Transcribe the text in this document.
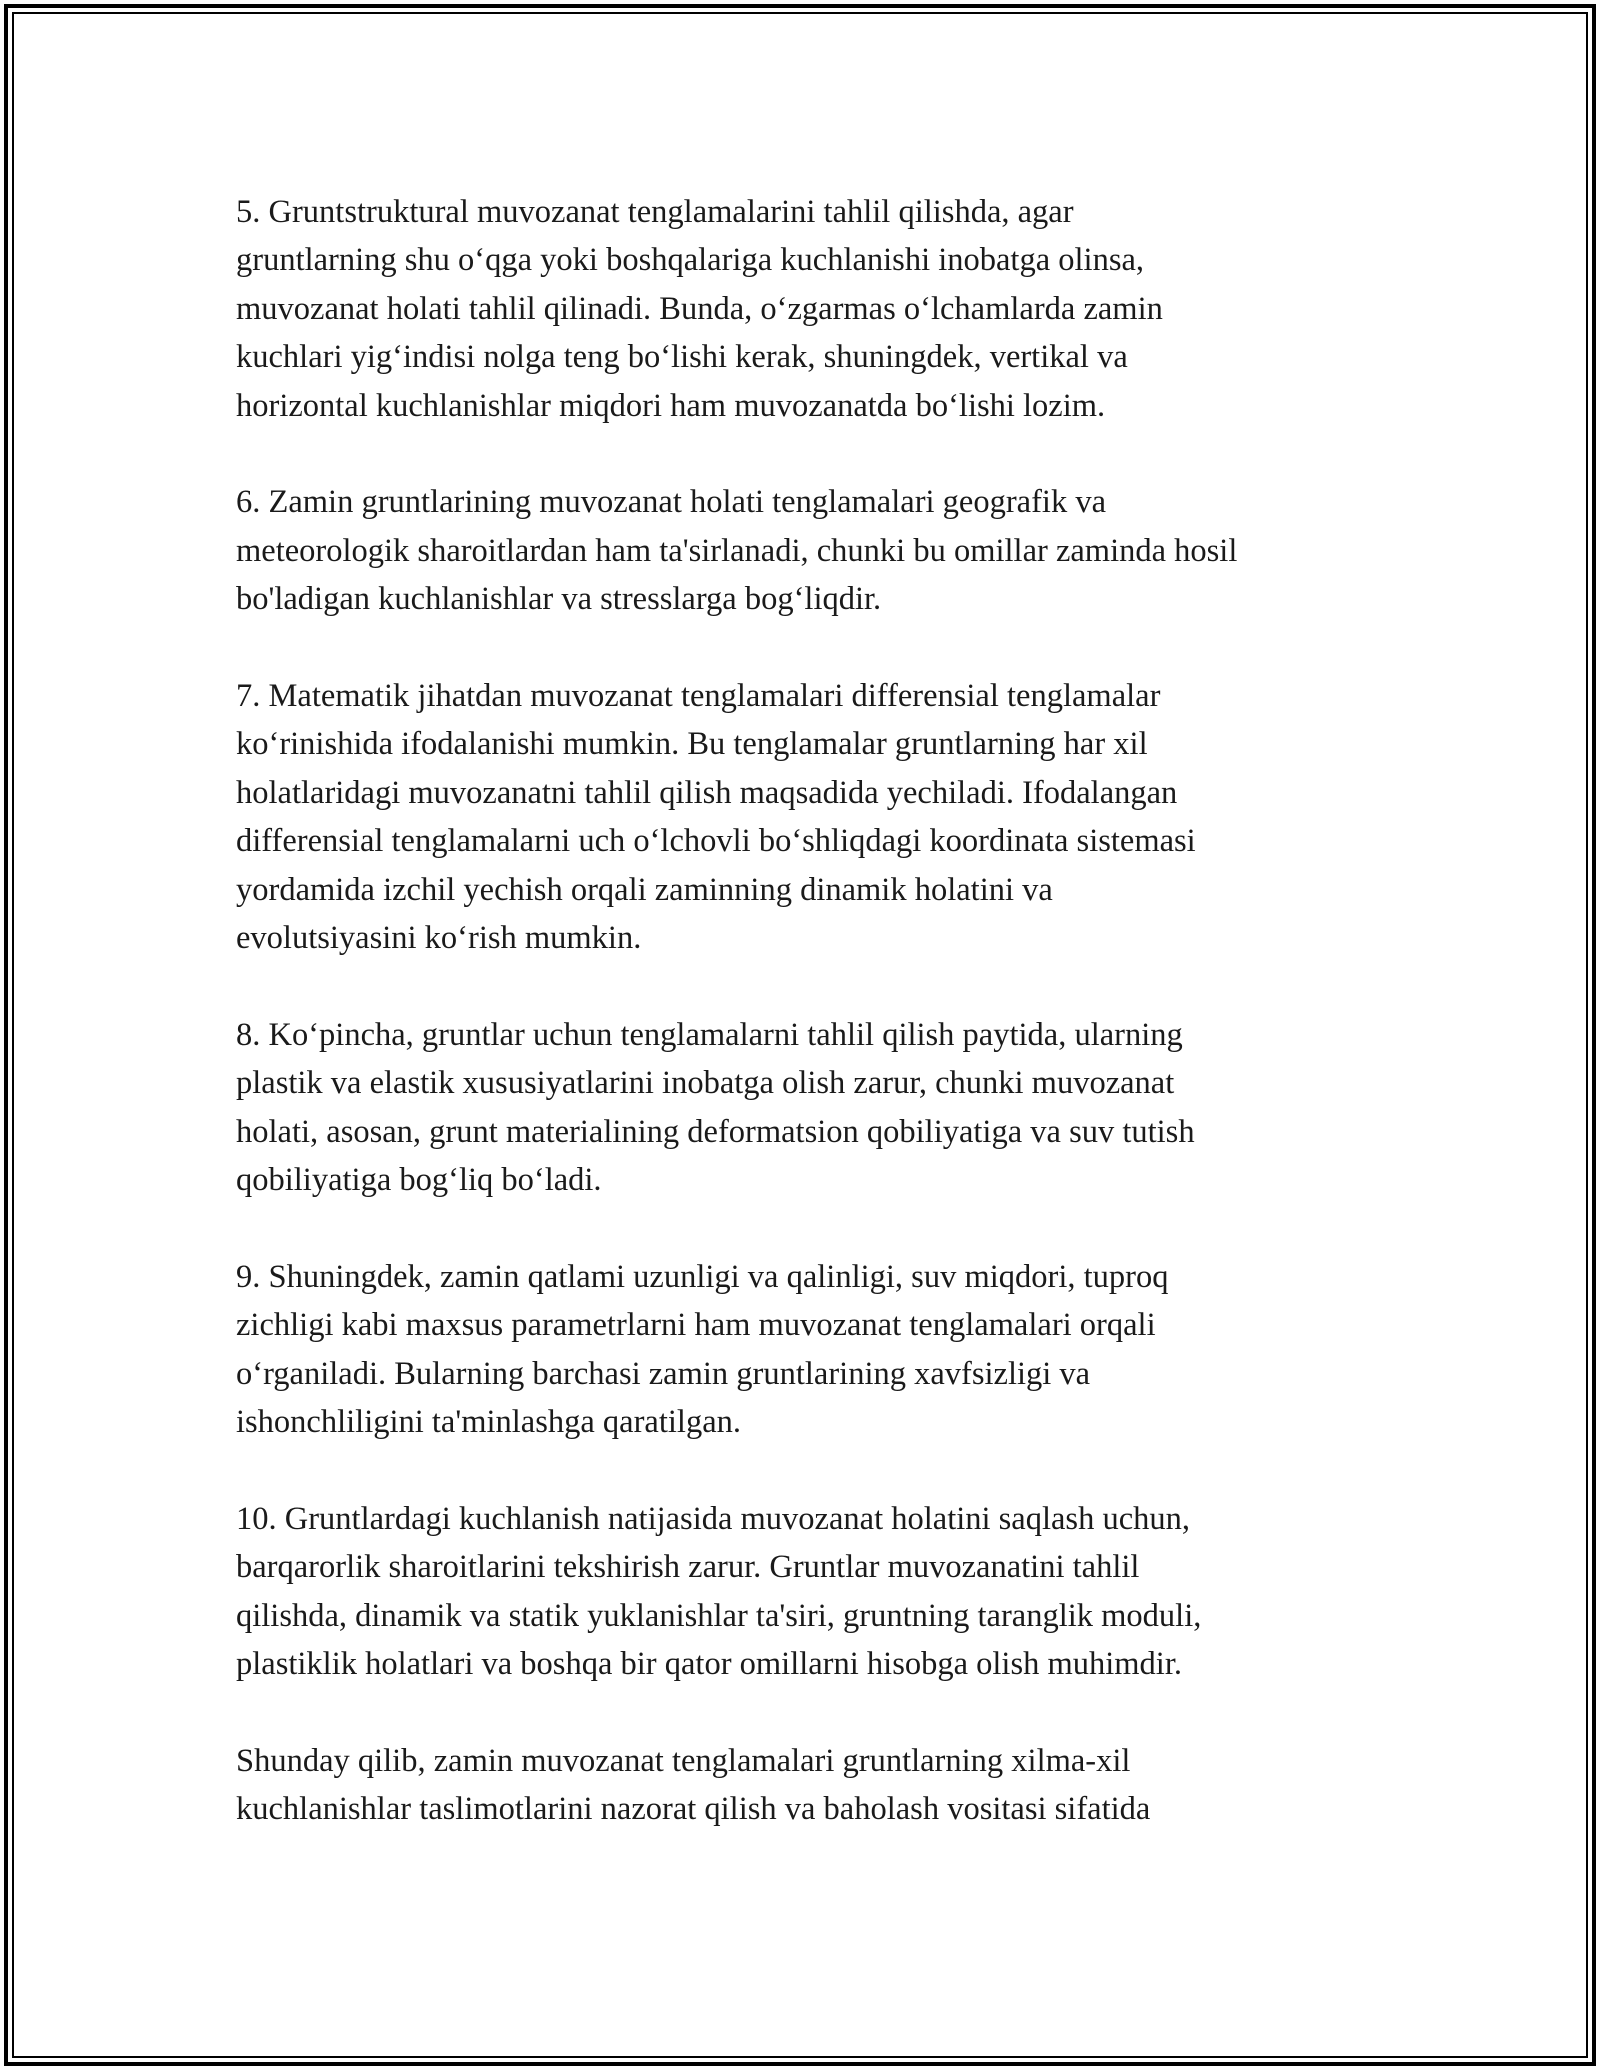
5. Gruntstruktural muvozanat tenglamalarini tahlil qilishda, agar
gruntlarning shu o‘qga yoki boshqalariga kuchlanishi inobatga olinsa,
muvozanat holati tahlil qilinadi. Bunda, o‘zgarmas o‘lchamlarda zamin
kuchlari yig‘indisi nolga teng bo‘lishi kerak, shuningdek, vertikal va
horizontal kuchlanishlar miqdori ham muvozanatda bo‘lishi lozim.

6. Zamin gruntlarining muvozanat holati tenglamalari geografik va
meteorologik sharoitlardan ham ta'sirlanadi, chunki bu omillar zaminda hosil
bo'ladigan kuchlanishlar va stresslarga bog‘liqdir.

7. Matematik jihatdan muvozanat tenglamalari differensial tenglamalar
ko‘rinishida ifodalanishi mumkin. Bu tenglamalar gruntlarning har xil
holatlaridagi muvozanatni tahlil qilish maqsadida yechiladi. Ifodalangan
differensial tenglamalarni uch o‘lchovli bo‘shliqdagi koordinata sistemasi
yordamida izchil yechish orqali zaminning dinamik holatini va
evolutsiyasini ko‘rish mumkin.

8. Ko‘pincha, gruntlar uchun tenglamalarni tahlil qilish paytida, ularning
plastik va elastik xususiyatlarini inobatga olish zarur, chunki muvozanat
holati, asosan, grunt materialining deformatsion qobiliyatiga va suv tutish
qobiliyatiga bog‘liq bo‘ladi.

9. Shuningdek, zamin qatlami uzunligi va qalinligi, suv miqdori, tuproq
zichligi kabi maxsus parametrlarni ham muvozanat tenglamalari orqali
o‘rganiladi. Bularning barchasi zamin gruntlarining xavfsizligi va
ishonchliligini ta'minlashga qaratilgan.

10. Gruntlardagi kuchlanish natijasida muvozanat holatini saqlash uchun,
barqarorlik sharoitlarini tekshirish zarur. Gruntlar muvozanatini tahlil
qilishda, dinamik va statik yuklanishlar ta'siri, gruntning taranglik moduli,
plastiklik holatlari va boshqa bir qator omillarni hisobga olish muhimdir.

Shunday qilib, zamin muvozanat tenglamalari gruntlarning xilma-xil
kuchlanishlar taslimotlarini nazorat qilish va baholash vositasi sifatida
